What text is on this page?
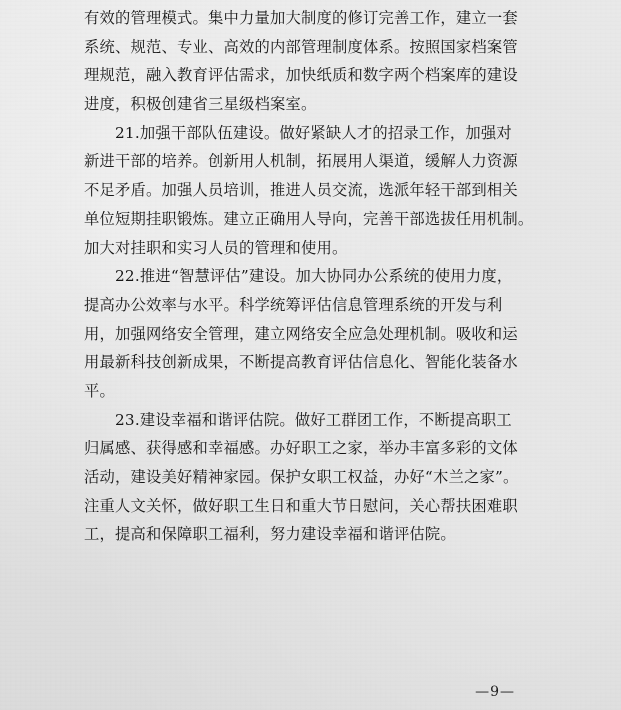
有效的管理模式。集中力量加大制度的修订完善工作，建立一套
系统、规范、专业、高效的内部管理制度体系。按照国家档案管
理规范，融入教育评估需求，加快纸质和数字两个档案库的建设
进度，积极创建省三星级档案室。
21.加强干部队伍建设。做好紧缺人才的招录工作，加强对
新进干部的培养。创新用人机制，拓展用人渠道，缓解人力资源
不足矛盾。加强人员培训，推进人员交流，选派年轻干部到相关
单位短期挂职锻炼。建立正确用人导向，完善干部选拔任用机制。
加大对挂职和实习人员的管理和使用。
22.推进“智慧评估”建设。加大协同办公系统的使用力度，
提高办公效率与水平。科学统筹评估信息管理系统的开发与利
用，加强网络安全管理，建立网络安全应急处理机制。吸收和运
用最新科技创新成果，不断提高教育评估信息化、智能化装备水
平。
23.建设幸福和谐评估院。做好工群团工作，不断提高职工
归属感、获得感和幸福感。办好职工之家，举办丰富多彩的文体
活动，建设美好精神家园。保护女职工权益，办好“木兰之家”。
注重人文关怀，做好职工生日和重大节日慰问，关心帮扶困难职
工，提高和保障职工福利，努力建设幸福和谐评估院。
—9—
